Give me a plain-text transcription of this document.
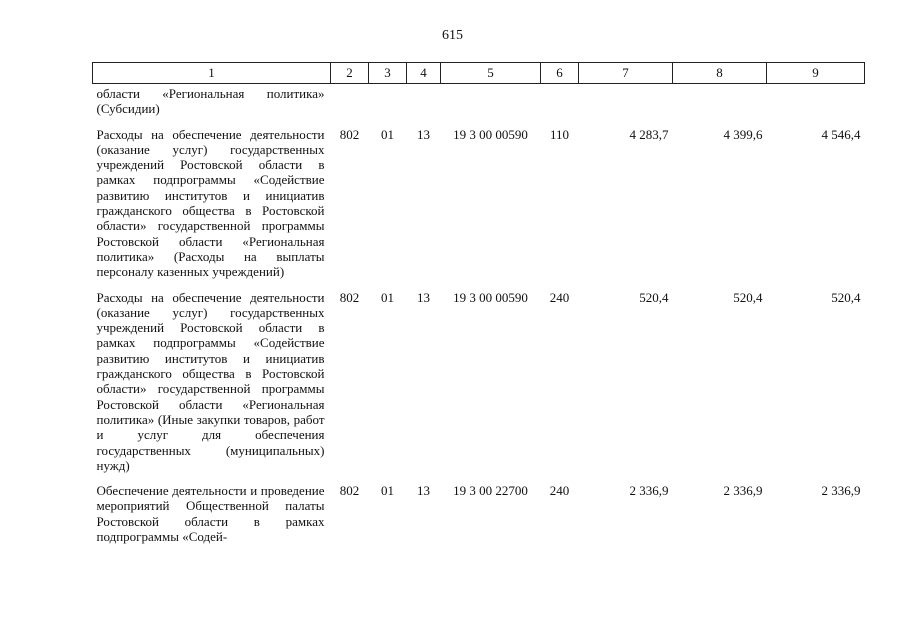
615
1	2	3	4	5	6	7	8	9
области «Региональная политика» (Субсидии)								
Расходы на обеспечение деятельности (оказание услуг) государственных учреждений Ростовской области в рамках подпрограммы «Содействие развитию институтов и инициатив гражданского общества в Ростовской области» государственной программы Ростовской области «Региональная политика» (Расходы на выплаты персоналу казенных учреждений)	802	01	13	19 3 00 00590	110	4 283,7	4 399,6	4 546,4
Расходы на обеспечение деятельности (оказание услуг) государственных учреждений Ростовской области в рамках подпрограммы «Содействие развитию институтов и инициатив гражданского общества в Ростовской области» государственной программы Ростовской области «Региональная политика» (Иные закупки товаров, работ и услуг для обеспечения государственных (муниципальных) нужд)	802	01	13	19 3 00 00590	240	520,4	520,4	520,4
Обеспечение деятельности и проведение мероприятий Общественной палаты Ростовской области в рамках подпрограммы «Содей-	802	01	13	19 3 00 22700	240	2 336,9	2 336,9	2 336,9
